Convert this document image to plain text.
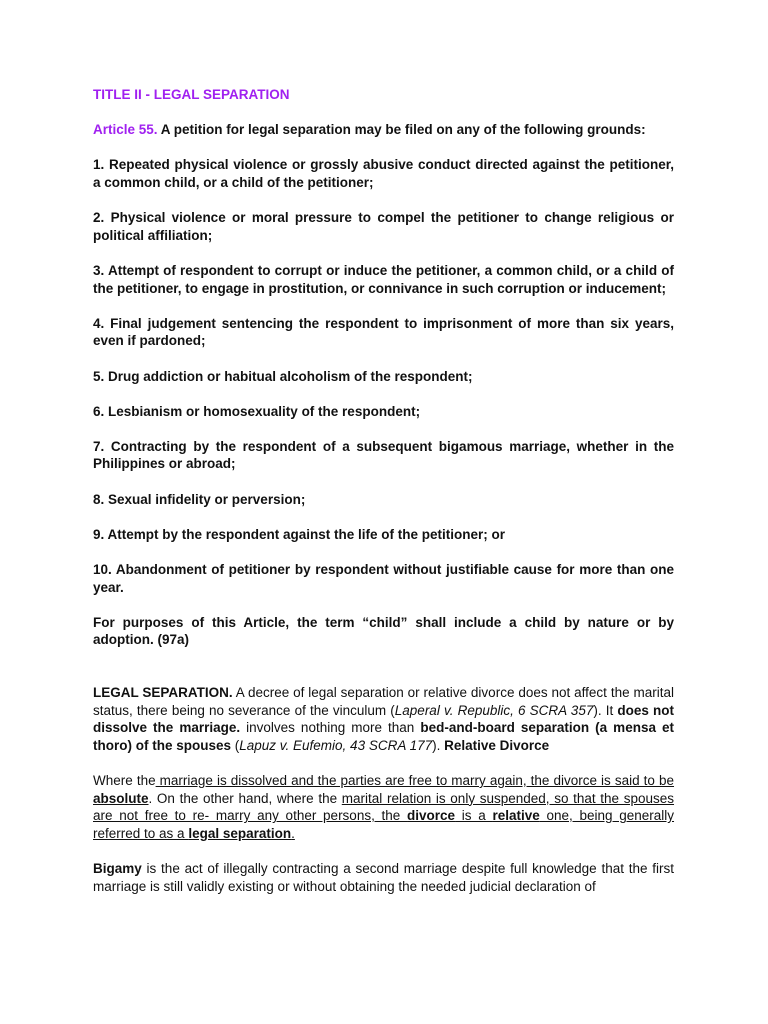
TITLE II - LEGAL SEPARATION

Article 55. A petition for legal separation may be filed on any of the following grounds:

1. Repeated physical violence or grossly abusive conduct directed against the petitioner, a common child, or a child of the petitioner;

2. Physical violence or moral pressure to compel the petitioner to change religious or political affiliation;

3. Attempt of respondent to corrupt or induce the petitioner, a common child, or a child of the petitioner, to engage in prostitution, or connivance in such corruption or inducement;

4. Final judgement sentencing the respondent to imprisonment of more than six years, even if pardoned;

5. Drug addiction or habitual alcoholism of the respondent;

6. Lesbianism or homosexuality of the respondent;

7. Contracting by the respondent of a subsequent bigamous marriage, whether in the Philippines or abroad;

8. Sexual infidelity or perversion;

9. Attempt by the respondent against the life of the petitioner; or

10. Abandonment of petitioner by respondent without justifiable cause for more than one year.

For purposes of this Article, the term “child” shall include a child by nature or by adoption. (97a)

LEGAL SEPARATION. A decree of legal separation or relative divorce does not affect the marital status, there being no severance of the vinculum (Laperal v. Republic, 6 SCRA 357). It does not dissolve the marriage. involves nothing more than bed-and-board separation (a mensa et thoro) of the spouses (Lapuz v. Eufemio, 43 SCRA 177). Relative Divorce

Where the marriage is dissolved and the parties are free to marry again, the divorce is said to be absolute. On the other hand, where the marital relation is only suspended, so that the spouses are not free to re- marry any other persons, the divorce is a relative one, being generally referred to as a legal separation.

Bigamy is the act of illegally contracting a second marriage despite full knowledge that the first marriage is still validly existing or without obtaining the needed judicial declaration of
